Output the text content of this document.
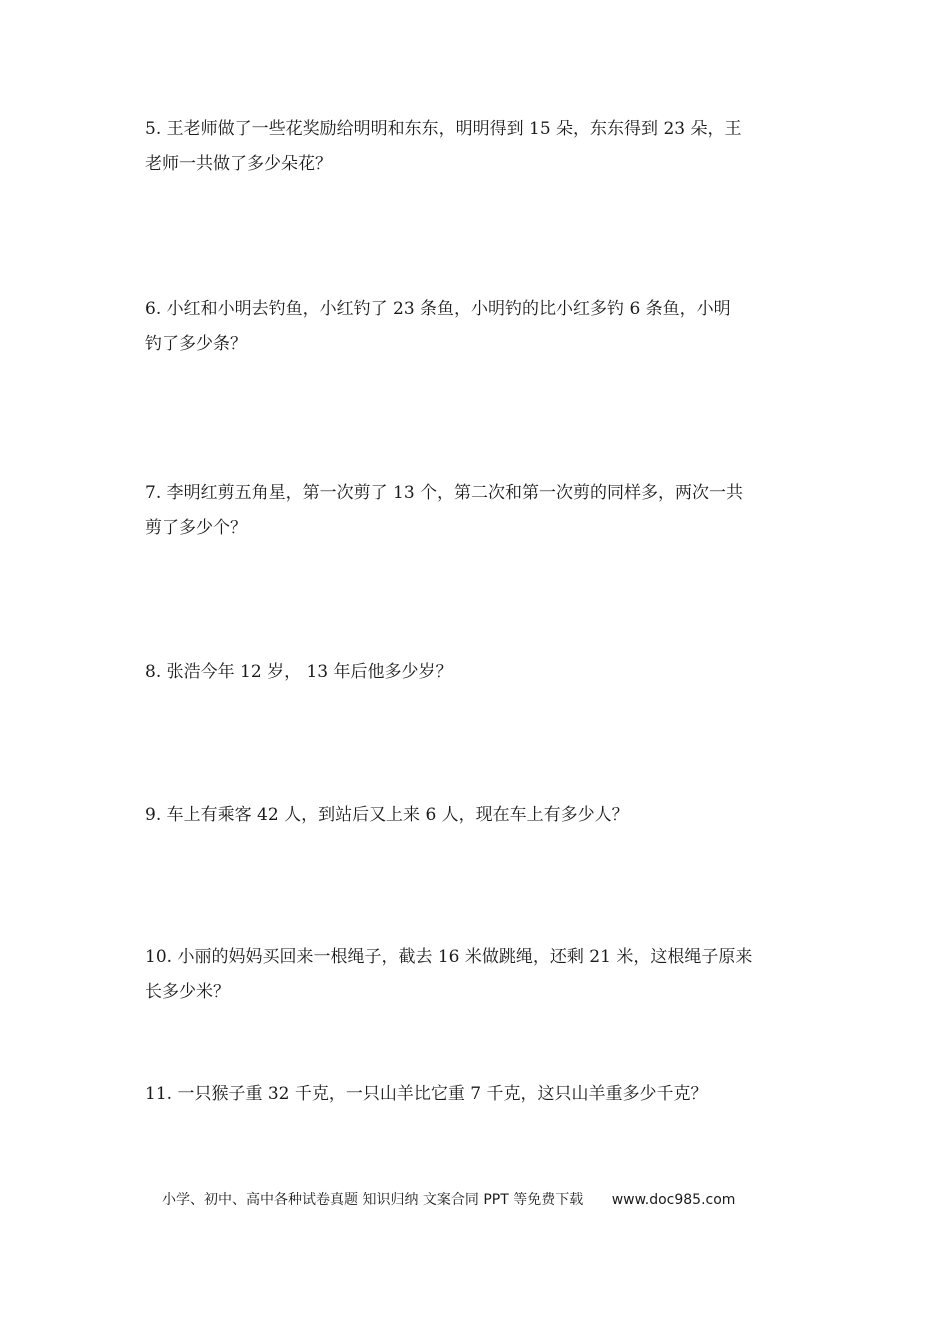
5. 王老师做了一些花奖励给明明和东东，明明得到 15 朵，东东得到 23 朵，王
老师一共做了多少朵花？

6. 小红和小明去钓鱼，小红钓了 23 条鱼，小明钓的比小红多钓 6 条鱼，小明
钓了多少条？

7. 李明红剪五角星，第一次剪了 13 个，第二次和第一次剪的同样多，两次一共
剪了多少个？

8. 张浩今年 12 岁， 13 年后他多少岁？

9. 车上有乘客 42 人，到站后又上来 6 人，现在车上有多少人？

10. 小丽的妈妈买回来一根绳子，截去 16 米做跳绳，还剩 21 米，这根绳子原来
长多少米？

11. 一只猴子重 32 千克，一只山羊比它重 7 千克，这只山羊重多少千克？

小学、初中、高中各种试卷真题 知识归纳 文案合同 PPT 等免费下载 www.doc985.com
